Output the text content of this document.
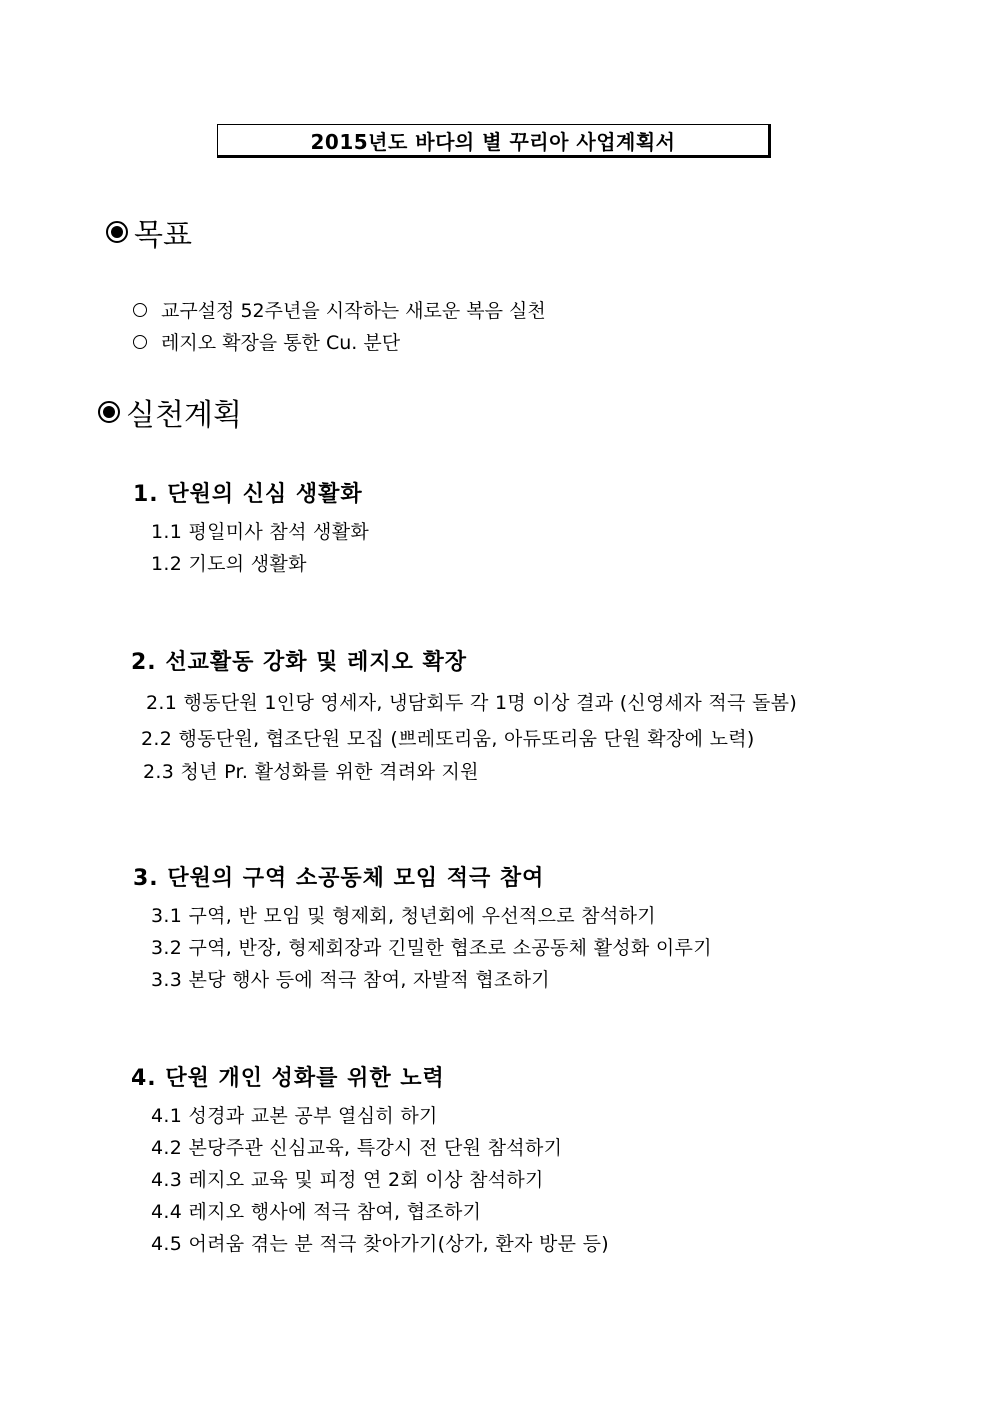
2015년도 바다의 별 꾸리아 사업계획서
목표
교구설정 52주년을 시작하는 새로운 복음 실천
레지오 확장을 통한 Cu. 분단
실천계획
1. 단원의 신심 생활화
1.1 평일미사 참석 생활화
1.2 기도의 생활화
2. 선교활동 강화 및 레지오 확장
2.1 행동단원 1인당 영세자, 냉담회두 각 1명 이상 결과 (신영세자 적극 돌봄)
2.2 행동단원, 협조단원 모집 (쁘레또리움, 아듀또리움 단원 확장에 노력)
2.3 청년 Pr. 활성화를 위한 격려와 지원
3. 단원의 구역 소공동체 모임 적극 참여
3.1 구역, 반 모임 및 형제회, 청년회에 우선적으로 참석하기
3.2 구역, 반장, 형제회장과 긴밀한 협조로 소공동체 활성화 이루기
3.3 본당 행사 등에 적극 참여, 자발적 협조하기
4. 단원 개인 성화를 위한 노력
4.1 성경과 교본 공부 열심히 하기
4.2 본당주관 신심교육, 특강시 전 단원 참석하기
4.3 레지오 교육 및 피정 연 2회 이상 참석하기
4.4 레지오 행사에 적극 참여, 협조하기
4.5 어려움 겪는 분 적극 찾아가기(상가, 환자 방문 등)
